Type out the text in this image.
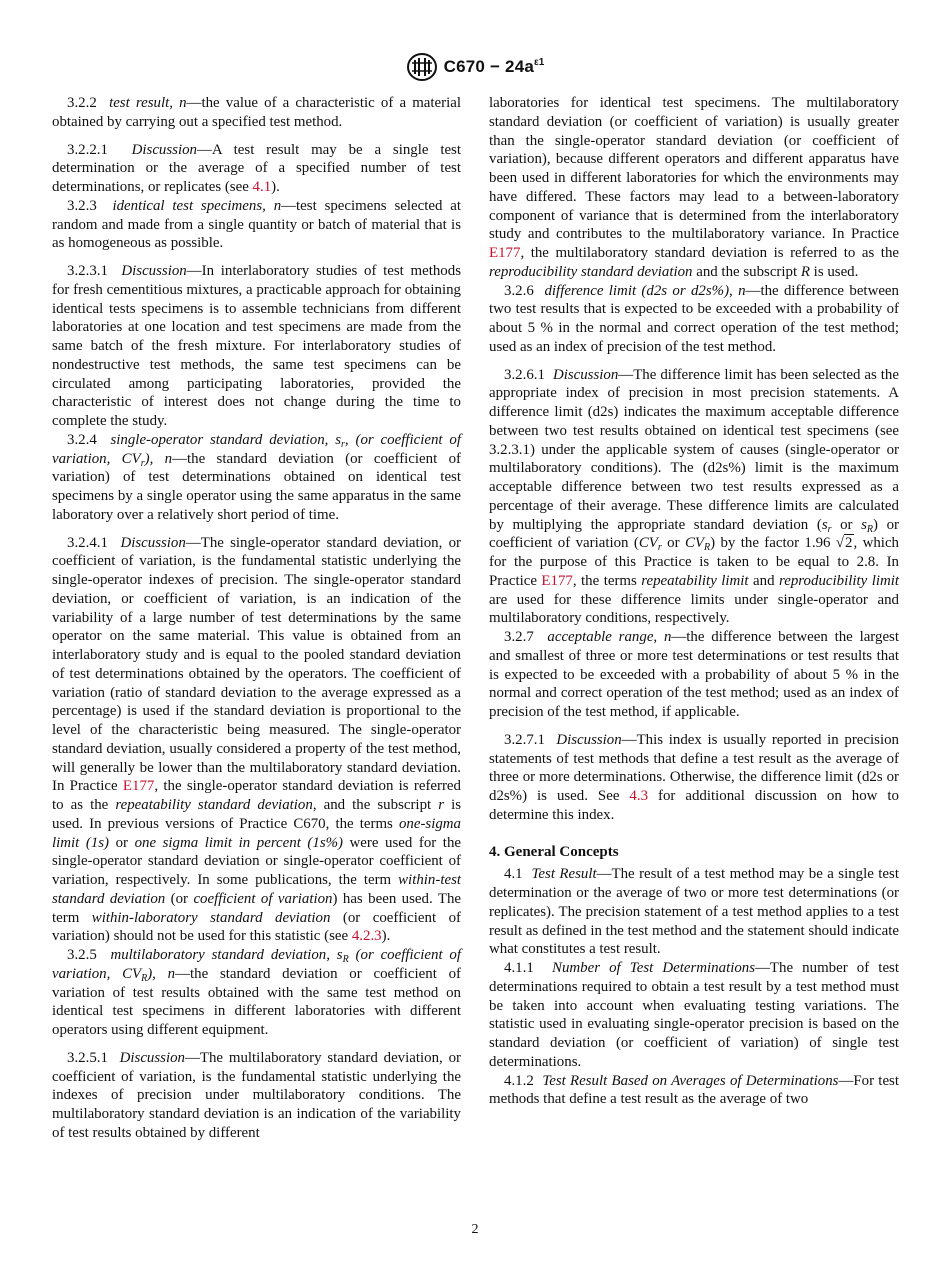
$C670 - 24a^{\varepsilon 1}$

3.2.2 test result, n—the value of a characteristic of a material obtained by carrying out a specified test method.

3.2.2.1 Discussion—A test result may be a single test determination or the average of a specified number of test determinations, or replicates (see 4.1).

3.2.3 identical test specimens, n—test specimens selected at random and made from a single quantity or batch of material that is as homogeneous as possible.

3.2.3.1 Discussion—In interlaboratory studies of test methods for fresh cementitious mixtures, a practicable approach for obtaining identical tests specimens is to assemble technicians from different laboratories at one location and test specimens are made from the same batch of the fresh mixture. For interlaboratory studies of nondestructive test methods, the same test specimens can be circulated among participating laboratories, provided the characteristic of interest does not change during the time to complete the study.

3.2.4 single-operator standard deviation, $s_r$, (or coefficient of variation, $CV_r$), n—the standard deviation (or coefficient of variation) of test determinations obtained on identical test specimens by a single operator using the same apparatus in the same laboratory over a relatively short period of time.

3.2.4.1 Discussion—The single-operator standard deviation, or coefficient of variation, is the fundamental statistic underlying the single-operator indexes of precision. The single-operator standard deviation, or coefficient of variation, is an indication of the variability of a large number of test determinations by the same operator on the same material. This value is obtained from an interlaboratory study and is equal to the pooled standard deviation of test determinations obtained by the operators. The coefficient of variation (ratio of standard deviation to the average expressed as a percentage) is used if the standard deviation is proportional to the level of the characteristic being measured. The single-operator standard deviation, usually considered a property of the test method, will generally be lower than the multilaboratory standard deviation. In Practice E177, the single-operator standard deviation is referred to as the repeatability standard deviation, and the subscript r is used. In previous versions of Practice C670, the terms one-sigma limit (1s) or one sigma limit in percent (1s%) were used for the single-operator standard deviation or single-operator coefficient of variation, respectively. In some publications, the term within-test standard deviation (or coefficient of variation) has been used. The term within-laboratory standard deviation (or coefficient of variation) should not be used for this statistic (see 4.2.3).

3.2.5 multilaboratory standard deviation, $s_R$ (or coefficient of variation, $CV_R$), n—the standard deviation or coefficient of variation of test results obtained with the same test method on identical test specimens in different laboratories with different operators using different equipment.

3.2.5.1 Discussion—The multilaboratory standard deviation, or coefficient of variation, is the fundamental statistic underlying the indexes of precision under multilaboratory conditions. The multilaboratory standard deviation is an indication of the variability of test results obtained by different

laboratories for identical test specimens. The multilaboratory standard deviation (or coefficient of variation) is usually greater than the single-operator standard deviation (or coefficient of variation), because different operators and different apparatus have been used in different laboratories for which the environments may have differed. These factors may lead to a between-laboratory component of variance that is determined from the interlaboratory study and contributes to the multilaboratory variance. In Practice E177, the multilaboratory standard deviation is referred to as the reproducibility standard deviation and the subscript R is used.

3.2.6 difference limit (d2s or d2s%), n—the difference between two test results that is expected to be exceeded with a probability of about 5 % in the normal and correct operation of the test method; used as an index of precision of the test method.

3.2.6.1 Discussion—The difference limit has been selected as the appropriate index of precision in most precision statements. A difference limit (d2s) indicates the maximum acceptable difference between two test results obtained on identical test specimens (see 3.2.3.1) under the applicable system of causes (single-operator or multilaboratory conditions). The (d2s%) limit is the maximum acceptable difference between two test results expressed as a percentage of their average. These difference limits are calculated by multiplying the appropriate standard deviation ($s_r$ or $s_R$) or coefficient of variation ($CV_r$ or $CV_R$) by the factor 1.96 √2, which for the purpose of this Practice is taken to be equal to 2.8. In Practice E177, the terms repeatability limit and reproducibility limit are used for these difference limits under single-operator and multilaboratory conditions, respectively.

3.2.7 acceptable range, n—the difference between the largest and smallest of three or more test determinations or test results that is expected to be exceeded with a probability of about 5 % in the normal and correct operation of the test method; used as an index of precision of the test method, if applicable.

3.2.7.1 Discussion—This index is usually reported in precision statements of test methods that define a test result as the average of three or more determinations. Otherwise, the difference limit (d2s or d2s%) is used. See 4.3 for additional discussion on how to determine this index.

4. General Concepts

4.1 Test Result—The result of a test method may be a single test determination or the average of two or more test determinations (or replicates). The precision statement of a test method applies to a test result as defined in the test method and the statement should indicate what constitutes a test result.

4.1.1 Number of Test Determinations—The number of test determinations required to obtain a test result by a test method must be taken into account when evaluating testing variations. The statistic used in evaluating single-operator precision is based on the standard deviation (or coefficient of variation) of single test determinations.

4.1.2 Test Result Based on Averages of Determinations—For test methods that define a test result as the average of two

2
